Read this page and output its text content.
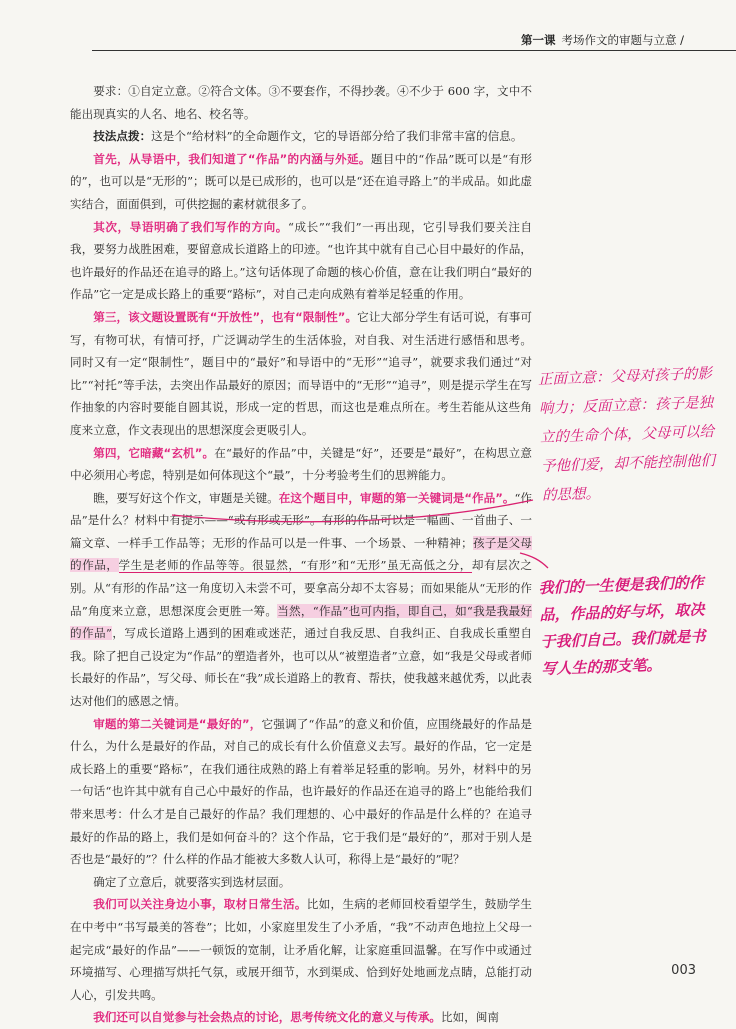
第一课 考场作文的审题与立意 /

要求：①自定立意。②符合文体。③不要套作，不得抄袭。④不少于 600 字，文中不能出现真实的人名、地名、校名等。

技法点拨：这是个“给材料”的全命题作文，它的导语部分给了我们非常丰富的信息。

首先，从导语中，我们知道了“作品”的内涵与外延。题目中的“作品”既可以是“有形的”，也可以是“无形的”；既可以是已成形的，也可以是“还在追寻路上”的半成品。如此虚实结合，面面俱到，可供挖掘的素材就很多了。

其次，导语明确了我们写作的方向。“成长”“我们”一再出现，它引导我们要关注自我，要努力战胜困难，要留意成长道路上的印迹。“也许其中就有自己心目中最好的作品，也许最好的作品还在追寻的路上。”这句话体现了命题的核心价值，意在让我们明白“最好的作品”它一定是成长路上的重要“路标”，对自己走向成熟有着举足轻重的作用。

第三，该文题设置既有“开放性”，也有“限制性”。它让大部分学生有话可说，有事可写，有物可状，有情可抒，广泛调动学生的生活体验，对自我、对生活进行感悟和思考。同时又有一定“限制性”，题目中的“最好”和导语中的“无形”“追寻”，就要求我们通过“对比”“衬托”等手法，去突出作品最好的原因；而导语中的“无形”“追寻”，则是提示学生在写作抽象的内容时要能自圆其说，形成一定的哲思，而这也是难点所在。考生若能从这些角度来立意，作文表现出的思想深度会更吸引人。

第四，它暗藏“玄机”。在“最好的作品”中，关键是“好”，还要是“最好”，在构思立意中必须用心考虑，特别是如何体现这个“最”，十分考验考生们的思辨能力。

瞧，要写好这个作文，审题是关键。在这个题目中，审题的第一关键词是“作品”。“作品”是什么？材料中有提示——“或有形或无形”。有形的作品可以是一幅画、一首曲子、一篇文章、一样手工作品等；无形的作品可以是一件事、一个场景、一种精神；孩子是父母的作品，学生是老师的作品等等。很显然，“有形”和“无形”虽无高低之分，却有层次之别。从“有形的作品”这一角度切入未尝不可，要拿高分却不太容易；而如果能从“无形的作品”角度来立意，思想深度会更胜一筹。当然，“作品”也可内指，即自己，如“我是我最好的作品”，写成长道路上遇到的困难或迷茫，通过自我反思、自我纠正、自我成长重塑自我。除了把自己设定为“作品”的塑造者外，也可以从“被塑造者”立意，如“我是父母或者师长最好的作品”，写父母、师长在“我”成长道路上的教育、帮扶，使我越来越优秀，以此表达对他们的感恩之情。

审题的第二关键词是“最好的”，它强调了“作品”的意义和价值，应围绕最好的作品是什么，为什么是最好的作品，对自己的成长有什么价值意义去写。最好的作品，它一定是成长路上的重要“路标”，在我们通往成熟的路上有着举足轻重的影响。另外，材料中的另一句话“也许其中就有自己心中最好的作品，也许最好的作品还在追寻的路上”也能给我们带来思考：什么才是自己最好的作品？我们理想的、心中最好的作品是什么样的？在追寻最好的作品的路上，我们是如何奋斗的？这个作品，它于我们是“最好的”，那对于别人是否也是“最好的”？什么样的作品才能被大多数人认可，称得上是“最好的”呢？

确定了立意后，就要落实到选材层面。

我们可以关注身边小事，取材日常生活。比如，生病的老师回校看望学生，鼓励学生在中考中“书写最美的答卷”；比如，小家庭里发生了小矛盾，“我”不动声色地拉上父母一起完成“最好的作品”——一顿饭的宽制，让矛盾化解，让家庭重回温馨。在写作中或通过环境描写、心理描写烘托气氛，或展开细节，水到渠成、恰到好处地画龙点睛，总能打动人心，引发共鸣。

我们还可以自觉参与社会热点的讨论，思考传统文化的意义与传承。比如，闽南

正面立意：父母对孩子的影响力；反面立意：孩子是独立的生命个体，父母可以给予他们爱，却不能控制他们的思想。
我们的一生便是我们的作品，作品的好与坏，取决于我们自己。我们就是书写人生的那支笔。
003
